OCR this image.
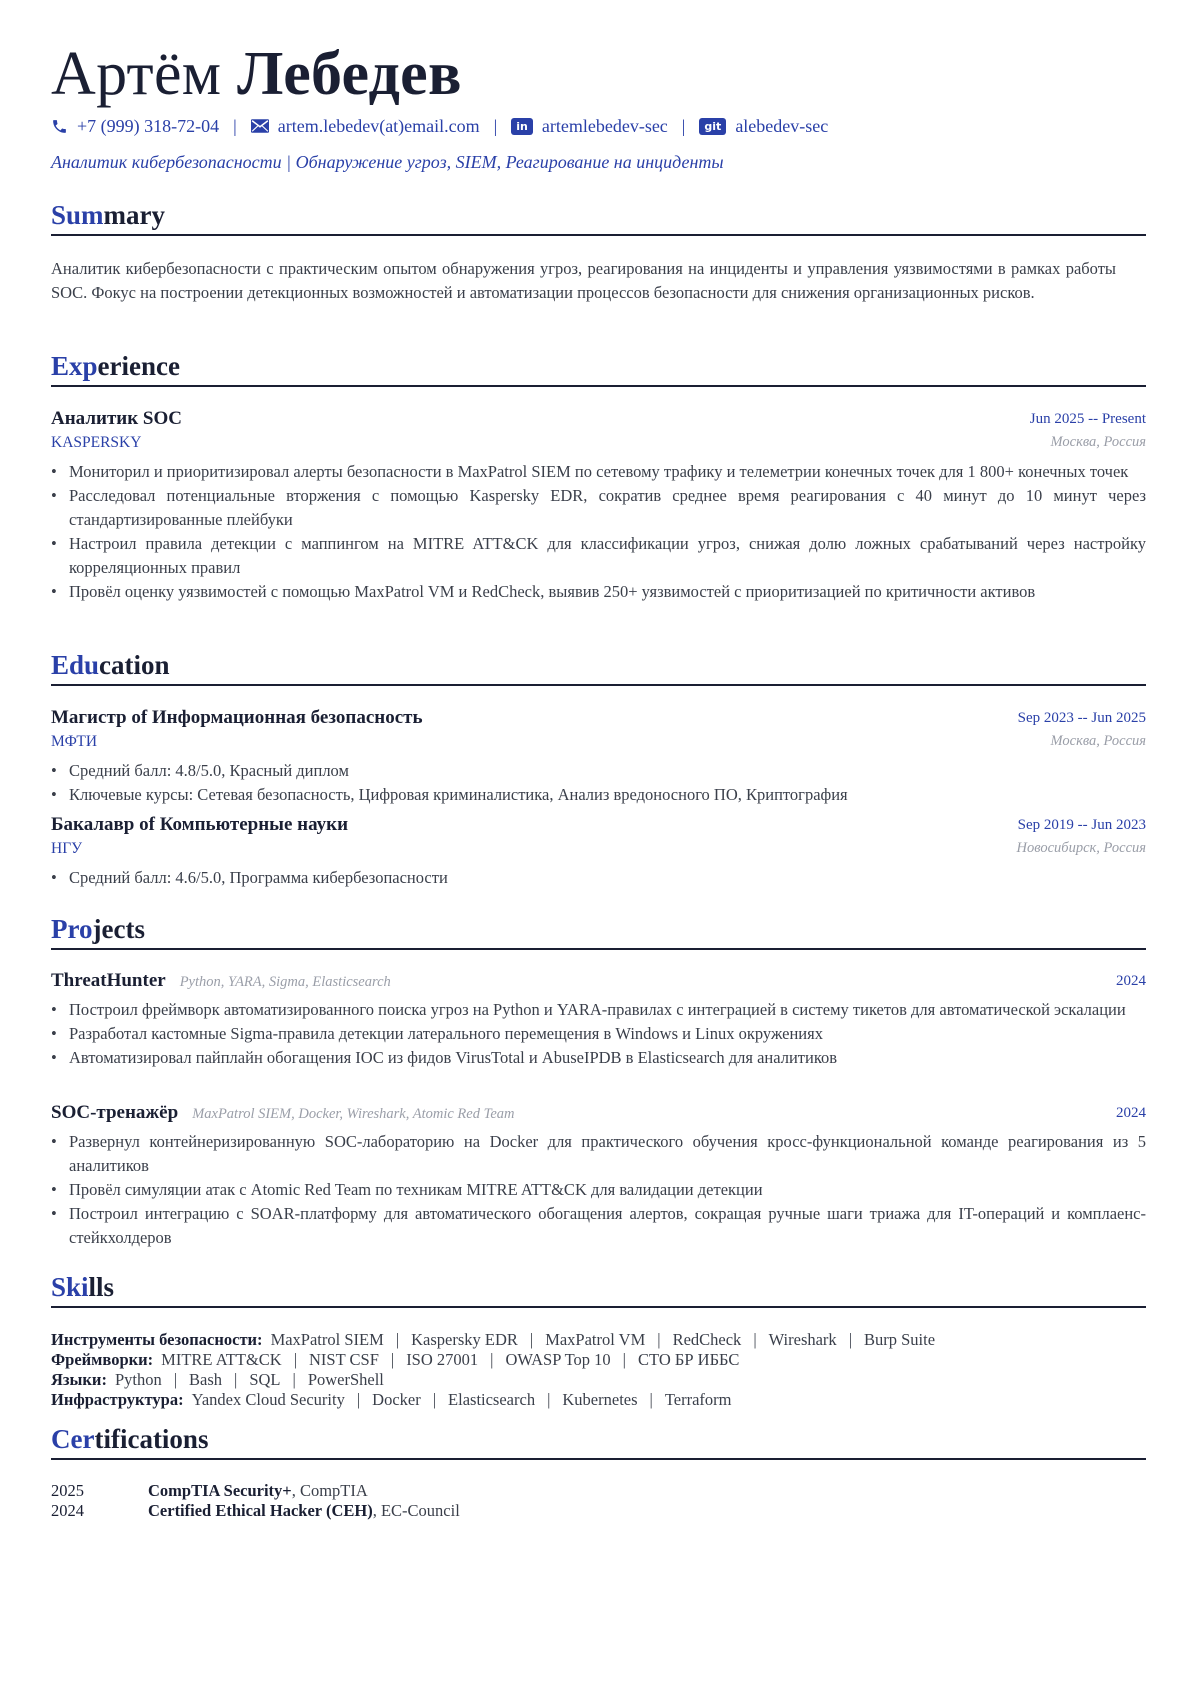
Артём Лебедев
+7 (999) 318-72-04 | artem.lebedev(at)email.com |	in artemlebedev-sec |	git alebedev-sec
Аналитик кибербезопасности | Обнаружение угроз, SIEM, Реагирование на инциденты
Summary
Аналитик кибербезопасности с практическим опытом обнаружения угроз, реагирования на инциденты и управления уязвимостями в рамках работы SOC. Фокус на построении детекционных возможностей и автоматизации процессов безопасности для снижения организационных рисков.
Experience
Аналитик SOC	Jun 2025 -- Present
KASPERSKY	Москва, Россия
• Мониторил и приоритизировал алерты безопасности в MaxPatrol SIEM по сетевому трафику и телеметрии конечных точек для 1 800+ конечных точек
• Расследовал потенциальные вторжения с помощью Kaspersky EDR, сократив среднее время реагирования с 40 минут до 10 минут через стандартизированные плейбуки
• Настроил правила детекции с маппингом на MITRE ATT&CK для классификации угроз, снижая долю ложных срабатываний через настройку корреляционных правил
• Провёл оценку уязвимостей с помощью MaxPatrol VM и RedCheck, выявив 250+ уязвимостей с приоритизацией по критичности активов
Education
Магистр of Информационная безопасность	Sep 2023 -- Jun 2025
МФТИ	Москва, Россия
• Средний балл: 4.8/5.0, Красный диплом
• Ключевые курсы: Сетевая безопасность, Цифровая криминалистика, Анализ вредоносного ПО, Криптография
Бакалавр of Компьютерные науки	Sep 2019 -- Jun 2023
НГУ	Новосибирск, Россия
• Средний балл: 4.6/5.0, Программа кибербезопасности
Projects
ThreatHunter Python, YARA, Sigma, Elasticsearch	2024
• Построил фреймворк автоматизированного поиска угроз на Python и YARA-правилах с интеграцией в систему тикетов для автоматической эскалации
• Разработал кастомные Sigma-правила детекции латерального перемещения в Windows и Linux окружениях
• Автоматизировал пайплайн обогащения IOC из фидов VirusTotal и AbuseIPDB в Elasticsearch для аналитиков
SOC-тренажёр MaxPatrol SIEM, Docker, Wireshark, Atomic Red Team	2024
• Развернул контейнеризированную SOC-лабораторию на Docker для практического обучения кросс-функциональной команде реагирования из 5 аналитиков
• Провёл симуляции атак с Atomic Red Team по техникам MITRE ATT&CK для валидации детекции
• Построил интеграцию с SOAR-платформу для автоматического обогащения алертов, сокращая ручные шаги триажа для IT-операций и комплаенс-стейкхолдеров
Skills
Инструменты безопасности: MaxPatrol SIEM | Kaspersky EDR | MaxPatrol VM | RedCheck | Wireshark | Burp Suite
Фреймворки: MITRE ATT&CK | NIST CSF | ISO 27001 | OWASP Top 10 | СТО БР ИББС
Языки: Python | Bash | SQL | PowerShell
Инфраструктура: Yandex Cloud Security | Docker | Elasticsearch | Kubernetes | Terraform
Certifications
2025	CompTIA Security+, CompTIA
2024	Certified Ethical Hacker (CEH), EC-Council
